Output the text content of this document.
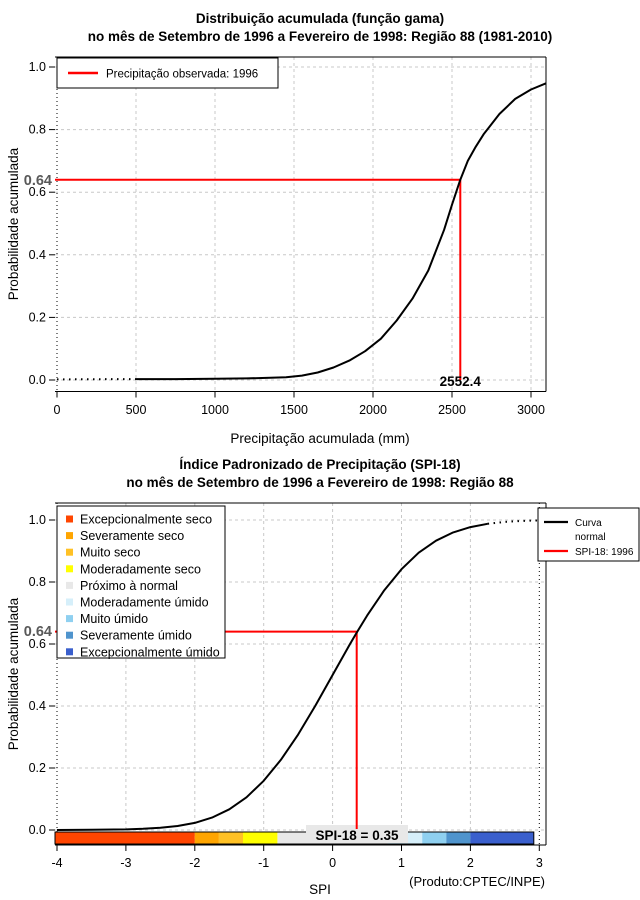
Distribuição acumulada (função gama)
no mês de Setembro de 1996 a Fevereiro de 1998: Região 88 (1981-2010)
0	500	1000	1500	2000	2500	3000
0.0
0.2
0.4
0.6
0.8
1.0
0.64
2552.4
Precipitação observada: 1996
Probabilidade acumulada
Precipitação acumulada (mm)
Índice Padronizado de Precipitação (SPI-18)
no mês de Setembro de 1996 a Fevereiro de 1998: Região 88
-4	-3	-2	-1	0	1	2	3
0.0
0.2
0.4
0.6
0.8
1.0
0.64
SPI-18 = 0.35
Excepcionalmente seco
Severamente seco
Muito seco
Moderadamente seco
Próximo à normal
Moderadamente úmido
Muito úmido
Severamente úmido
Excepcionalmente úmido
Curva
normal
SPI-18: 1996
Probabilidade acumulada
SPI
(Produto:CPTEC/INPE)
